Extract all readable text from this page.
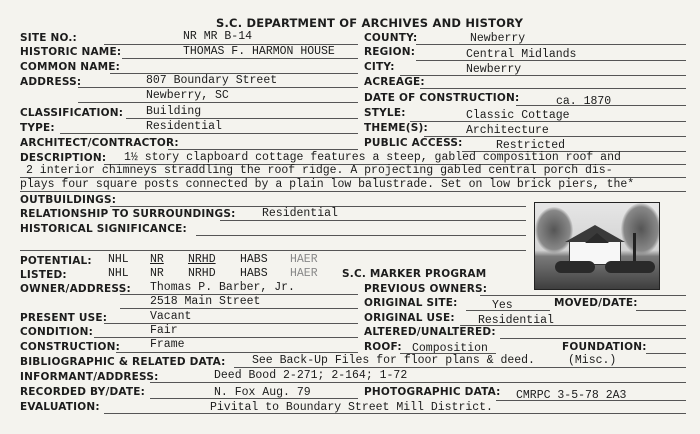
S.C. DEPARTMENT OF ARCHIVES AND HISTORY
SITE NO.:	NR MR B-14	COUNTY:	Newberry
HISTORIC NAME:	THOMAS F. HARMON HOUSE	REGION:	Central Midlands
COMMON NAME:	CITY:	Newberry
ADDRESS:	807 Boundary Street
Newberry, SC
ACREAGE:
DATE OF CONSTRUCTION:	ca. 1870
CLASSIFICATION: Building	STYLE:	Classic Cottage
TYPE:	Residential	THEME(S):	Architecture
ARCHITECT/CONTRACTOR:	PUBLIC ACCESS:	Restricted
DESCRIPTION: 1½ story clapboard cottage features a steep, gabled composition roof and
2 interior chimneys straddling the roof ridge. A projecting gabled central porch dis-
plays four square posts connected by a plain low balustrade. Set on low brick piers, the*
OUTBUILDINGS:
RELATIONSHIP TO SURROUNDINGS: Residential
HISTORICAL SIGNIFICANCE:
POTENTIAL: NHL NR NRHD HABS HAER
LISTED:	NHL NR NRHD HABS HAER S.C. MARKER PROGRAM
OWNER/ADDRESS: Thomas P. Barber, Jr.
2518 Main Street
PREVIOUS OWNERS:
ORIGINAL SITE:	Yes	MOVED/DATE:
PRESENT USE:	Vacant	ORIGINAL USE: Residential
CONDITION:	Fair	ALTERED/UNALTERED:
CONSTRUCTION:	Frame	ROOF: Composition	FOUNDATION:
BIBLIOGRAPHIC & RELATED DATA: See Back-Up Files for floor plans & deed.	(Misc.)
INFORMANT/ADDRESS:	Deed Bood 2-271; 2-164; 1-72
RECORDED BY/DATE:	N. Fox Aug. 79	PHOTOGRAPHIC DATA: CMRPC 3-5-78 2A3
EVALUATION:	Pivital to Boundary Street Mill District.
